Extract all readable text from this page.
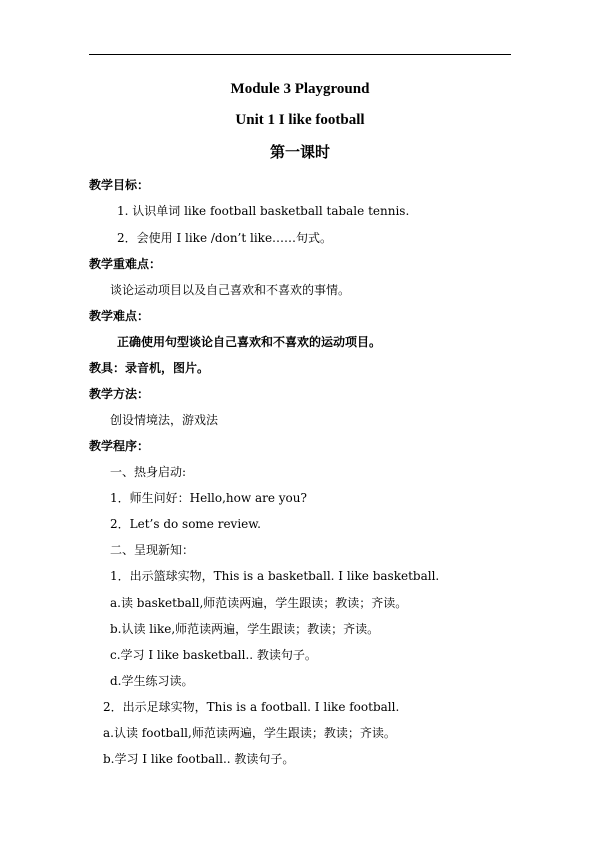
Module 3 Playground
Unit 1 I like football
第一课时
教学目标：
1. 认识单词 like football basketball tabale tennis.
2．会使用 I like /don’t like……句式。
教学重难点：
谈论运动项目以及自己喜欢和不喜欢的事情。
教学难点：
正确使用句型谈论自己喜欢和不喜欢的运动项目。
教具：录音机，图片。
教学方法：
创设情境法，游戏法
教学程序：
一、热身启动:
1．师生问好：Hello,how are you?
2．Let’s do some review.
二、呈现新知：
1．出示篮球实物，This is a basketball. I like basketball.
a.读 basketball,师范读两遍，学生跟读；教读；齐读。
b.认读 like,师范读两遍，学生跟读；教读；齐读。
c.学习 I like basketball.. 教读句子。
d.学生练习读。
2．出示足球实物，This is a football. I like football.
a.认读 football,师范读两遍，学生跟读；教读；齐读。
b.学习 I like football.. 教读句子。
